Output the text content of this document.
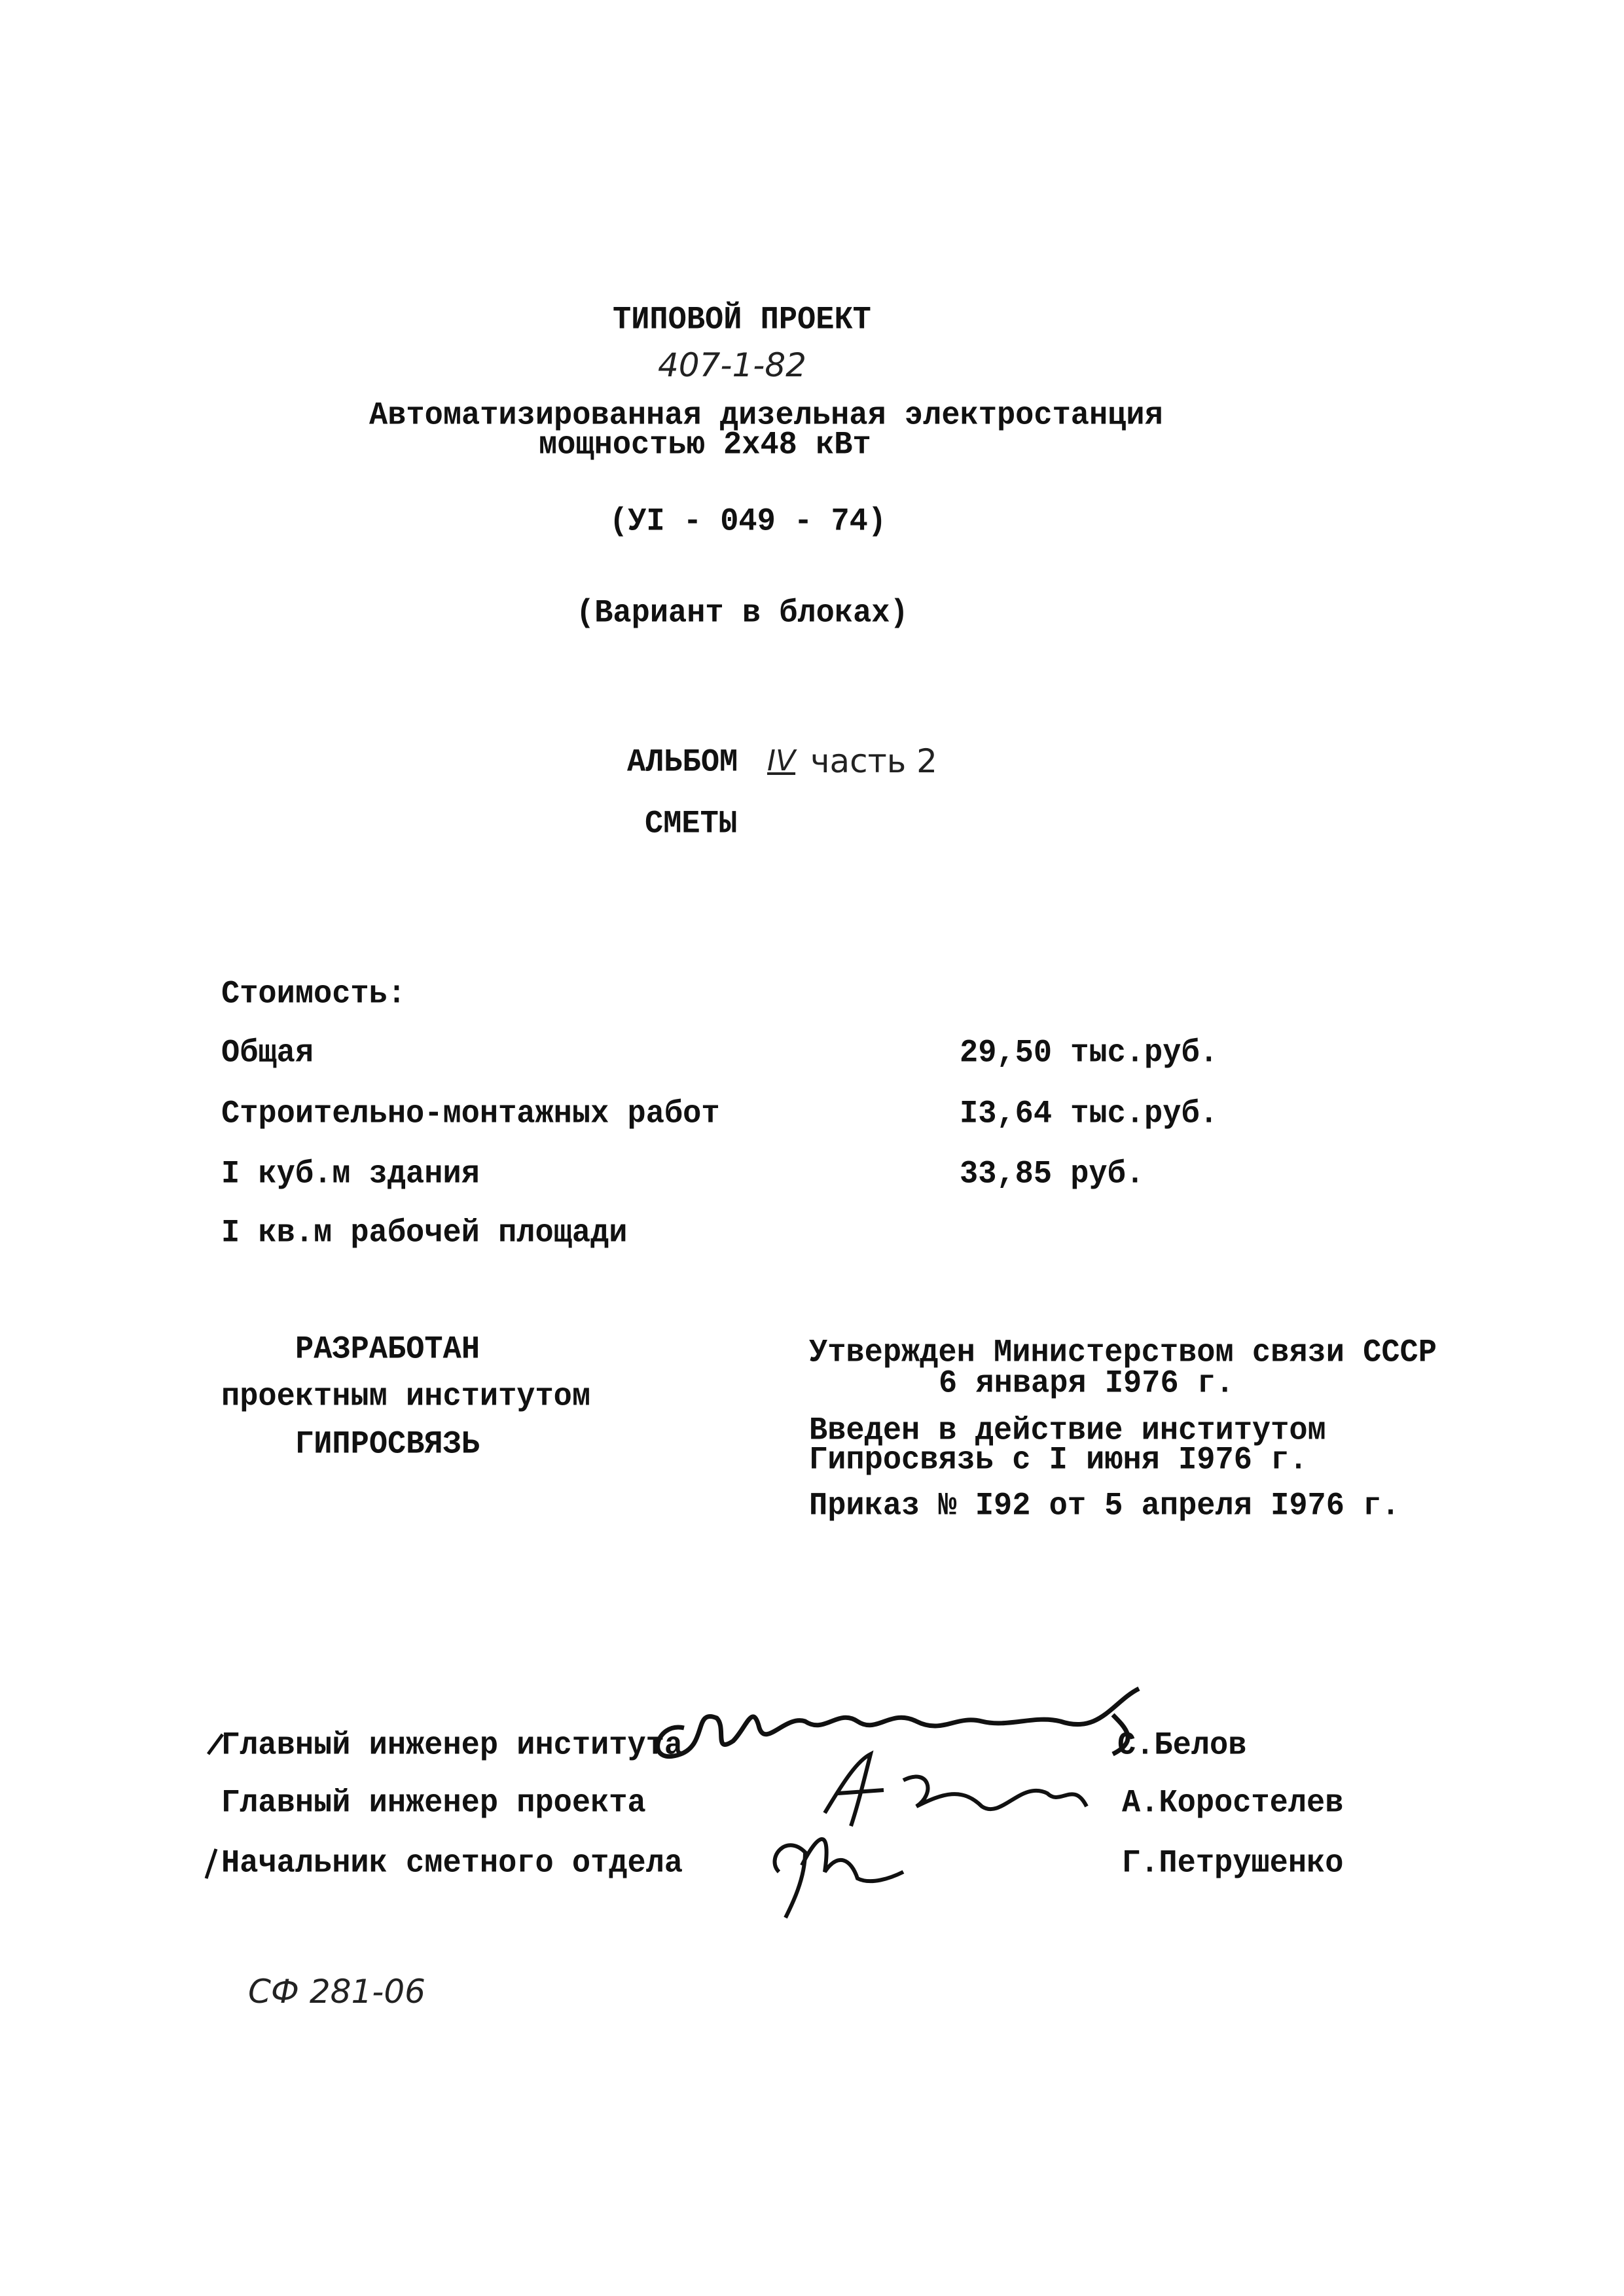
ТИПОВОЙ ПРОЕКТ
407-1-82
Автоматизированная дизельная электростанция
мощностью 2x48 кВт
(УI - 049 - 74)
(Вариант в блоках)
АЛЬБОМ IV часть 2
СМЕТЫ
Стоимость:
Общая	29,50 тыс.руб.
Строительно-монтажных работ	I3,64 тыс.руб.
I куб.м здания	33,85 руб.
I кв.м рабочей площади
РАЗРАБОТАН
проектным институтом
ГИПРОСВЯЗЬ
Утвержден Министерством связи СССР
6 января I976 г.
Введен в действие институтом
Гипросвязь с I июня I976 г.
Приказ № I92 от 5 апреля I976 г.
Главный инженер института	С.Белов
Главный инженер проекта	А.Коростелев
Начальник сметного отдела	Г.Петрушенко
СФ 281-06
